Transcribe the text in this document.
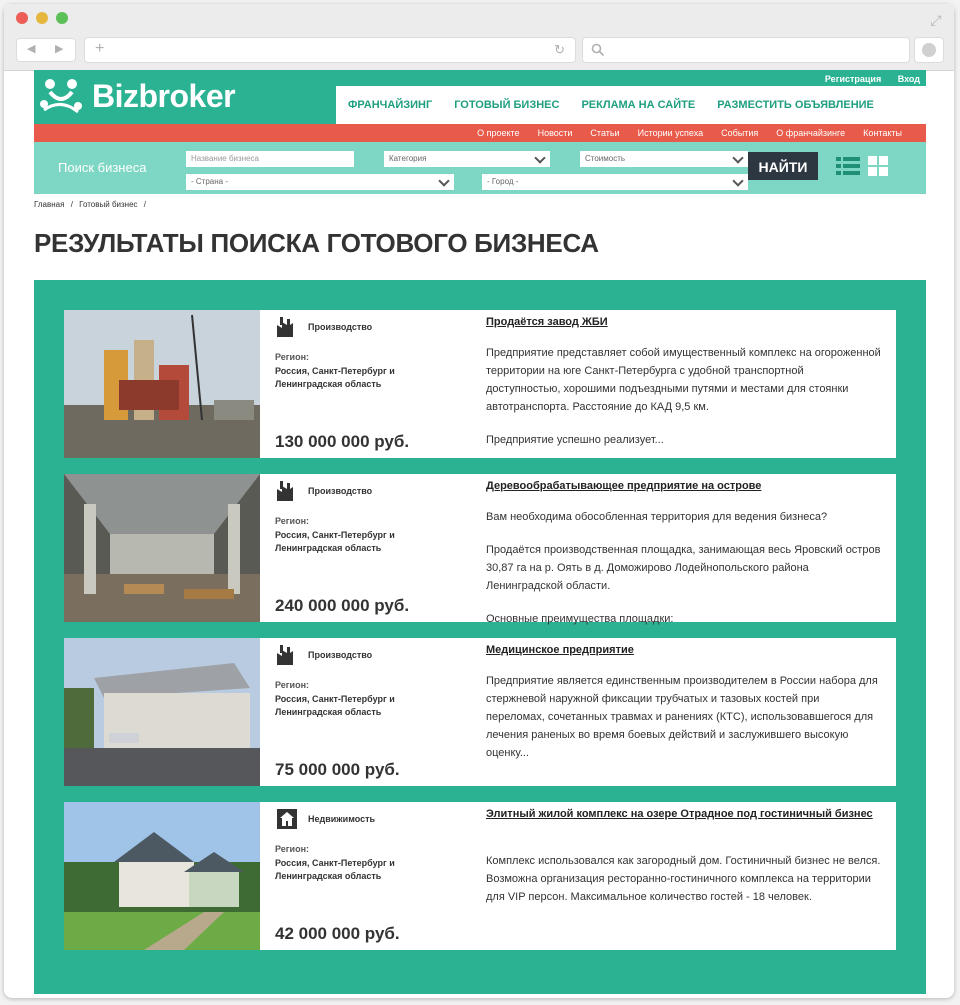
⤢
◀ ▶ +	↻
Bizbroker	Регистрация Вход
ФРАНЧАЙЗИНГ ГОТОВЫЙ БИЗНЕС РЕКЛАМА НА САЙТЕ РАЗМЕСТИТЬ ОБЪЯВЛЕНИЕ
О проекте Новости Статьи Истории успеха События О франчайзинге Контакты
Поиск бизнеса
Название бизнеса	Категория	Стоимость
- Страна -	- Город -
НАЙТИ
Главная / Готовый бизнес /
РЕЗУЛЬТАТЫ ПОИСКА ГОТОВОГО БИЗНЕСА
Производство
Регион:
Россия, Санкт-Петербург и Ленинградская область
130 000 000 руб.
Продаётся завод ЖБИ

Предприятие представляет собой имущественный комплекс на огороженной территории на юге Санкт-Петербурга с удобной транспортной доступностью, хорошими подъездными путями и местами для стоянки автотранспорта. Расстояние до КАД 9,5 км.

Предприятие успешно реализует...

Производство
Регион:
Россия, Санкт-Петербург и Ленинградская область
240 000 000 руб.
Деревообрабатывающее предприятие на острове

Вам необходима обособленная территория для ведения бизнеса?

Продаётся производственная площадка, занимающая весь Яровский остров 30,87 га на р. Оять в д. Доможирово Лодейнопольского района Ленинградской области.

Основные преимущества площадки:

Производство
Регион:
Россия, Санкт-Петербург и Ленинградская область
75 000 000 руб.
Медицинское предприятие

Предприятие является единственным производителем в России набора для стержневой наружной фиксации трубчатых и тазовых костей при переломах, сочетанных травмах и ранениях (КТС), использовавшегося для лечения раненых во время боевых действий и заслужившего высокую оценку...

Недвижимость
Регион:
Россия, Санкт-Петербург и Ленинградская область
42 000 000 руб.
Элитный жилой комплекс на озере Отрадное под гостиничный бизнес

Комплекс использовался как загородный дом. Гостиничный бизнес не велся. Возможна организация ресторанно-гостиничного комплекса на территории для VIP персон. Максимальное количество гостей - 18 человек.
